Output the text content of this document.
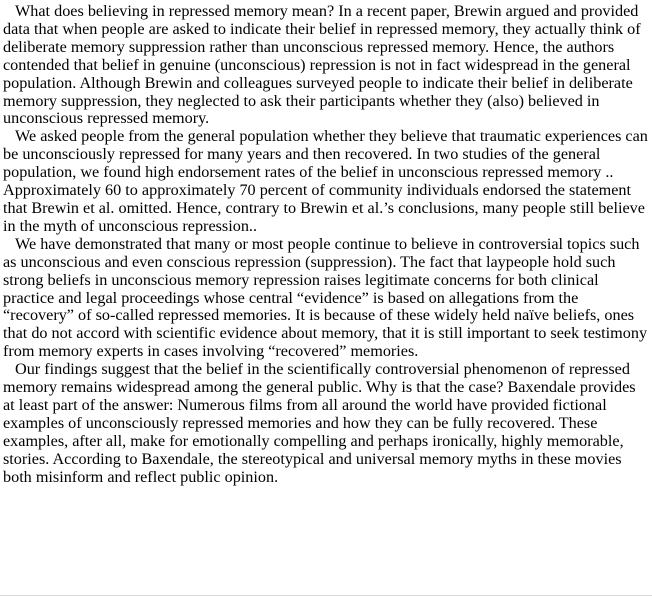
What does believing in repressed memory mean? In a recent paper, Brewin argued and provided data that when people are asked to indicate their belief in repressed memory, they actually think of deliberate memory suppression rather than unconscious repressed memory. Hence, the authors contended that belief in genuine (unconscious) repression is not in fact widespread in the general population. Although Brewin and colleagues surveyed people to indicate their belief in deliberate memory suppression, they neglected to ask their participants whether they (also) believed in unconscious repressed memory.

We asked people from the general population whether they believe that traumatic experiences can be unconsciously repressed for many years and then recovered. In two studies of the general population, we found high endorsement rates of the belief in unconscious repressed memory .. Approximately 60 to approximately 70 percent of community individuals endorsed the statement that Brewin et al. omitted. Hence, contrary to Brewin et al.’s conclusions, many people still believe in the myth of unconscious repression..

We have demonstrated that many or most people continue to believe in controversial topics such as unconscious and even conscious repression (suppression). The fact that laypeople hold such strong beliefs in unconscious memory repression raises legitimate concerns for both clinical practice and legal proceedings whose central “evidence” is based on allegations from the “recovery” of so-called repressed memories. It is because of these widely held naïve beliefs, ones that do not accord with scientific evidence about memory, that it is still important to seek testimony from memory experts in cases involving “recovered” memories.

Our findings suggest that the belief in the scientifically controversial phenomenon of repressed memory remains widespread among the general public. Why is that the case? Baxendale provides at least part of the answer: Numerous films from all around the world have provided fictional examples of unconsciously repressed memories and how they can be fully recovered. These examples, after all, make for emotionally compelling and perhaps ironically, highly memorable, stories. According to Baxendale, the stereotypical and universal memory myths in these movies both misinform and reflect public opinion.
